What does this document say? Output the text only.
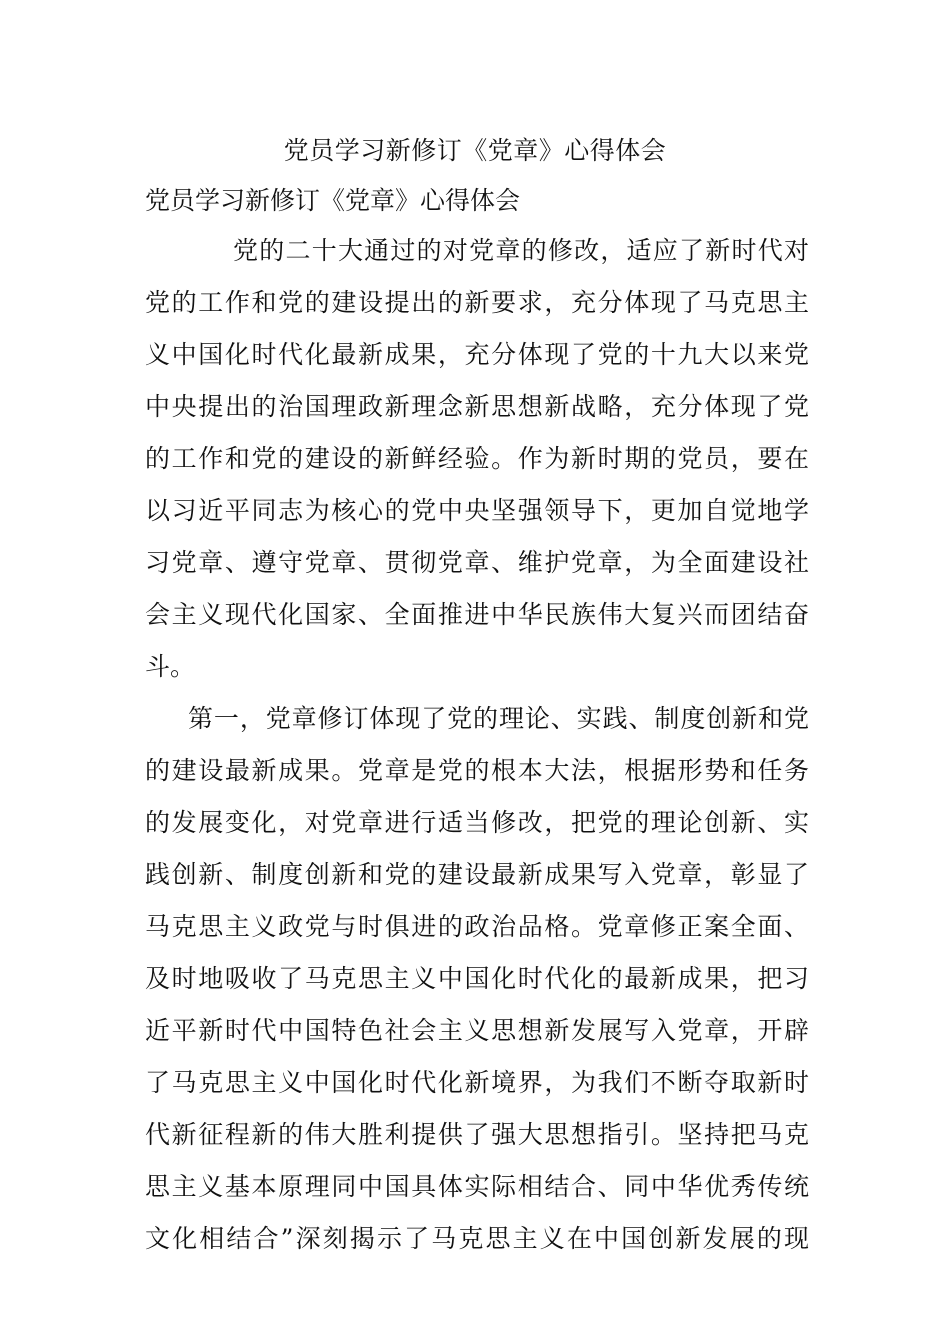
党员学习新修订《党章》心得体会
党员学习新修订《党章》心得体会
党的二十大通过的对党章的修改，适应了新时代对
党的工作和党的建设提出的新要求，充分体现了马克思主
义中国化时代化最新成果，充分体现了党的十九大以来党
中央提出的治国理政新理念新思想新战略，充分体现了党
的工作和党的建设的新鲜经验。作为新时期的党员，要在
以习近平同志为核心的党中央坚强领导下，更加自觉地学
习党章、遵守党章、贯彻党章、维护党章，为全面建设社
会主义现代化国家、全面推进中华民族伟大复兴而团结奋
斗。
第一，党章修订体现了党的理论、实践、制度创新和党
的建设最新成果。党章是党的根本大法，根据形势和任务
的发展变化，对党章进行适当修改，把党的理论创新、实
践创新、制度创新和党的建设最新成果写入党章，彰显了
马克思主义政党与时俱进的政治品格。党章修正案全面、
及时地吸收了马克思主义中国化时代化的最新成果，把习
近平新时代中国特色社会主义思想新发展写入党章，开辟
了马克思主义中国化时代化新境界，为我们不断夺取新时
代新征程新的伟大胜利提供了强大思想指引。坚持把马克
思主义基本原理同中国具体实际相结合、同中华优秀传统
文化相结合”深刻揭示了马克思主义在中国创新发展的现
